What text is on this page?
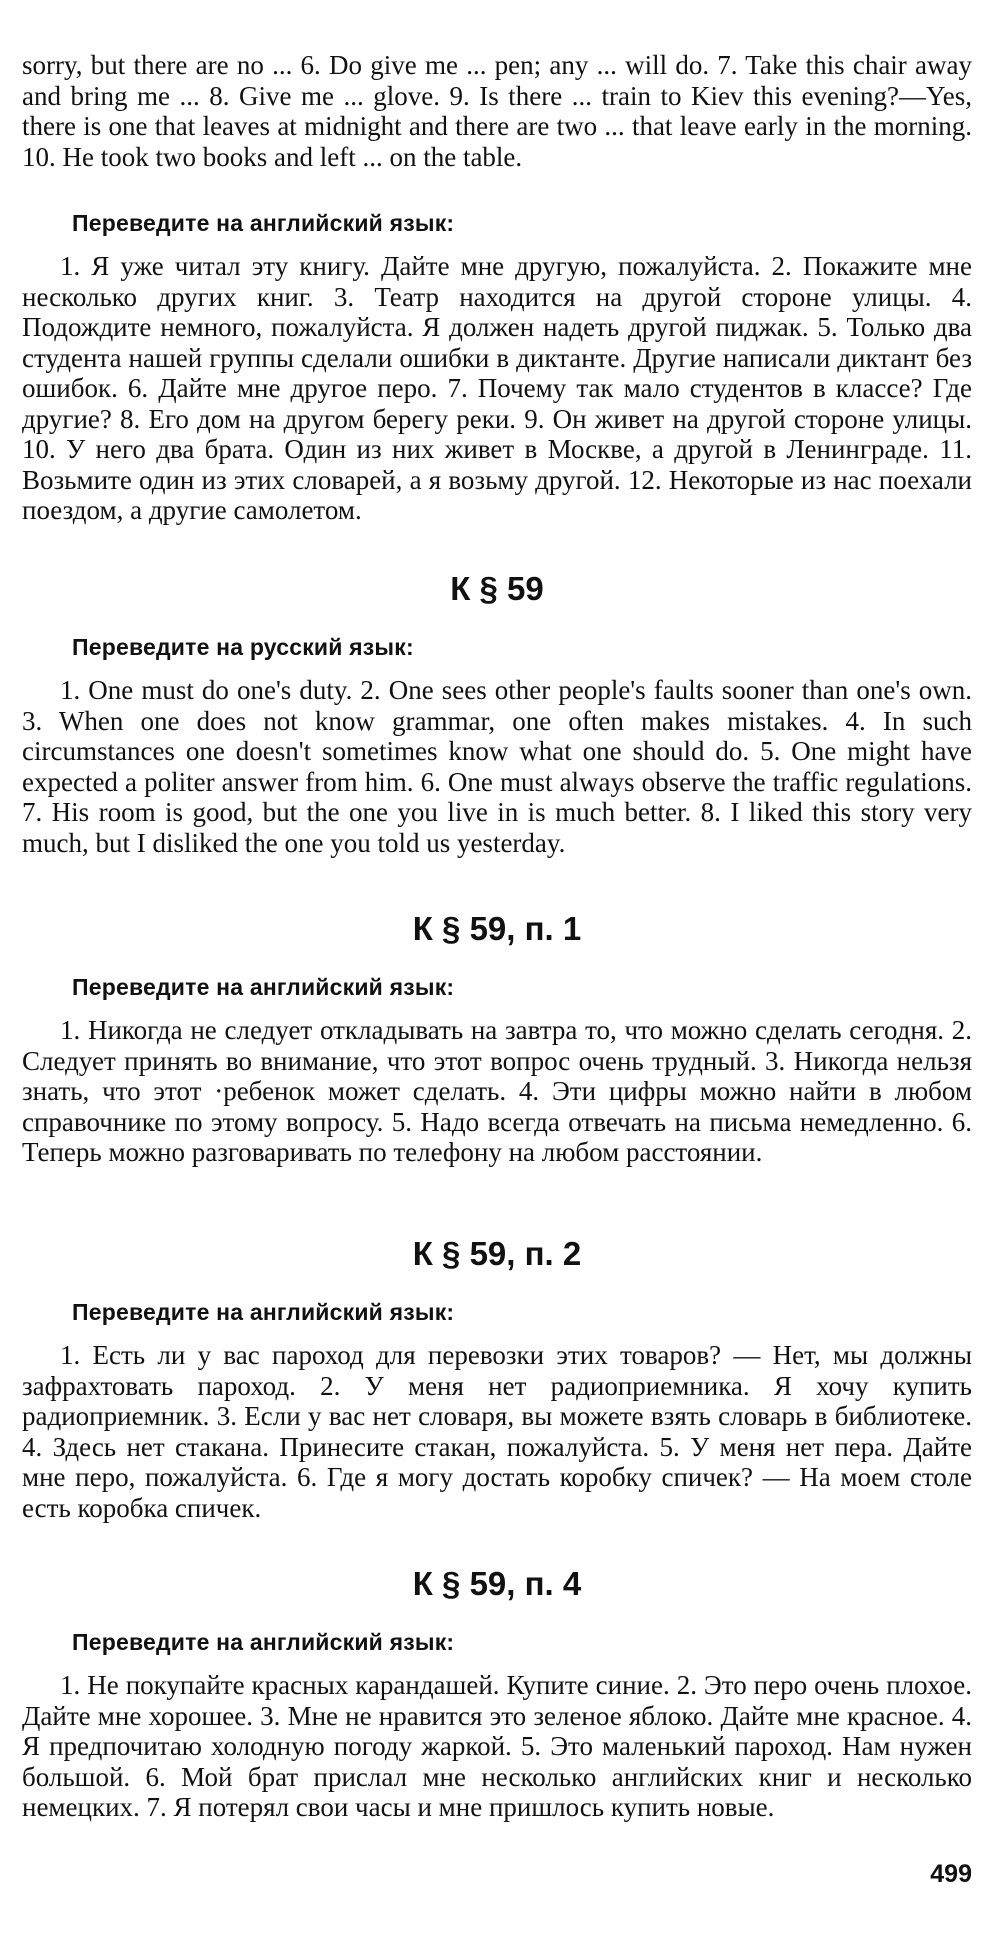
sorry, but there are no ... 6. Do give me ... pen; any ... will do. 7. Take this chair away and bring me ... 8. Give me ... glove. 9. Is there ... train to Kiev this evening?—Yes, there is one that leaves at midnight and there are two ... that leave early in the morning. 10. He took two books and left ... on the table.

Переведите на английский язык:

1. Я уже читал эту книгу. Дайте мне другую, пожалуйста. 2. Покажите мне несколько других книг. 3. Театр находится на другой стороне улицы. 4. Подождите немного, пожалуйста. Я должен надеть другой пиджак. 5. Только два студента нашей группы сделали ошибки в диктанте. Другие написали диктант без ошибок. 6. Дайте мне другое перо. 7. Почему так мало студентов в классе? Где другие? 8. Его дом на другом берегу реки. 9. Он живет на другой стороне улицы. 10. У него два брата. Один из них живет в Москве, а другой в Ленинграде. 11. Возьмите один из этих словарей, а я возьму другой. 12. Некоторые из нас поехали поездом, а другие самолетом.

К § 59

Переведите на русский язык:

1. One must do one's duty. 2. One sees other people's faults sooner than one's own. 3. When one does not know grammar, one often makes mistakes. 4. In such circumstances one doesn't sometimes know what one should do. 5. One might have expected a politer answer from him. 6. One must always observe the traffic regulations. 7. His room is good, but the one you live in is much better. 8. I liked this story very much, but I disliked the one you told us yesterday.

К § 59, п. 1

Переведите на английский язык:

1. Никогда не следует откладывать на завтра то, что можно сделать сегодня. 2. Следует принять во внимание, что этот вопрос очень трудный. 3. Никогда нельзя знать, что этот ·ребенок может сделать. 4. Эти цифры можно найти в любом справочнике по этому вопросу. 5. Надо всегда отвечать на письма немедленно. 6. Теперь можно разговаривать по телефону на любом расстоянии.

К § 59, п. 2

Переведите на английский язык:

1. Есть ли у вас пароход для перевозки этих товаров? — Нет, мы должны зафрахтовать пароход. 2. У меня нет радиоприемника. Я хочу купить радиоприемник. 3. Если у вас нет словаря, вы можете взять словарь в библиотеке. 4. Здесь нет стакана. Принесите стакан, пожалуйста. 5. У меня нет пера. Дайте мне перо, пожалуйста. 6. Где я могу достать коробку спичек? — На моем столе есть коробка спичек.

К § 59, п. 4

Переведите на английский язык:

1. Не покупайте красных карандашей. Купите синие. 2. Это перо очень плохое. Дайте мне хорошее. 3. Мне не нравится это зеленое яблоко. Дайте мне красное. 4. Я предпочитаю холодную погоду жаркой. 5. Это маленький пароход. Нам нужен большой. 6. Мой брат прислал мне несколько английских книг и несколько немецких. 7. Я потерял свои часы и мне пришлось купить новые.

499
